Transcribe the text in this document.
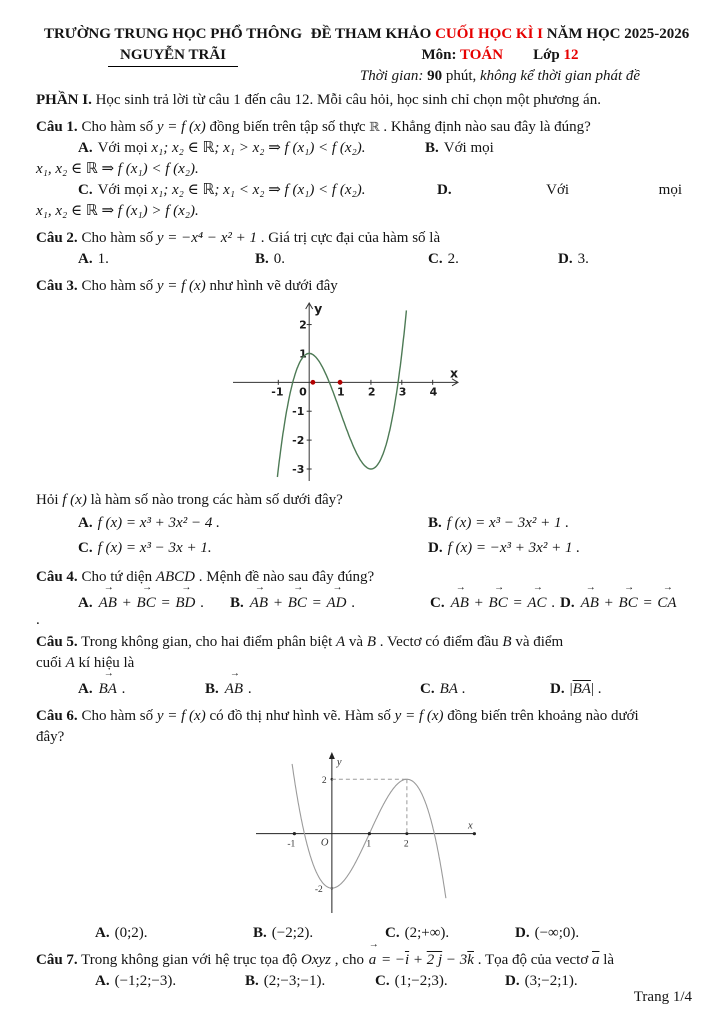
TRƯỜNG TRUNG HỌC PHỔ THÔNG
NGUYỄN TRÃI
ĐỀ THAM KHẢO CUỐI HỌC KÌ I NĂM HỌC 2025-2026
Môn: TOÁN Lớp 12
Thời gian: 90 phút, không kể thời gian phát đề
PHẦN I. Học sinh trả lời từ câu 1 đến câu 12. Mỗi câu hỏi, học sinh chỉ chọn một phương án.
Câu 1. Cho hàm số y = f (x) đồng biến trên tập số thực ℝ . Khẳng định nào sau đây là đúng?
A. Với mọi x₁; x₂ ∈ ℝ; x₁ > x₂ ⇒ f (x₁) < f (x₂).	B. Với mọi
x₁, x₂ ∈ ℝ ⇒ f (x₁) < f (x₂).
C. Với mọi x₁; x₂ ∈ ℝ; x₁ < x₂ ⇒ f (x₁) < f (x₂).	D.	Với	mọi
x₁, x₂ ∈ ℝ ⇒ f (x₁) > f (x₂).
Câu 2. Cho hàm số y = −x⁴ − x² + 1 . Giá trị cực đại của hàm số là
A. 1.	B. 0.	C. 2.	D. 3.
Câu 3. Cho hàm số y = f (x) như hình vẽ dưới đây
-1	1 2 3 4
2
1
-1
-2
-3
0
x
y
Hỏi f (x) là hàm số nào trong các hàm số dưới đây?
A. f (x) = x³ + 3x² − 4 .	B. f (x) = x³ − 3x² + 1 .
C. f (x) = x³ − 3x + 1.	D. f (x) = −x³ + 3x² + 1 .
Câu 4. Cho tứ diện ABCD . Mệnh đề nào sau đây đúng?
A. AB → + BC → = BD → .	B. AB → + BC → = AD → .	C. AB → + BC → = AC → . D. AB → + BC → = CA →
.
Câu 5. Trong không gian, cho hai điểm phân biệt A và B . Vectơ có điểm đầu B và điểm
cuối A kí hiệu là
A. BA → .	B. AB → .	C. BA .	D. $|\overline{BA}|$ .
Câu 6. Cho hàm số y = f (x) có đồ thị như hình vẽ. Hàm số y = f (x) đồng biến trên khoảng nào dưới
đây?
-1	1	2
2
-2
O
x
y
A. (0;2).	B. (−2;2).	C. (2;+∞).	D. (−∞;0).
Câu 7. Trong không gian với hệ trục tọa độ Oxyz , cho a → = $-\overline{i} + 2$ $j - 3\overline{k}$ . Tọa độ của vectơ $\overline{a}$ là
A. (−1;2;−3).	B. (2;−3;−1).	C. (1;−2;3).	D. (3;−2;1).
Trang 1/4
